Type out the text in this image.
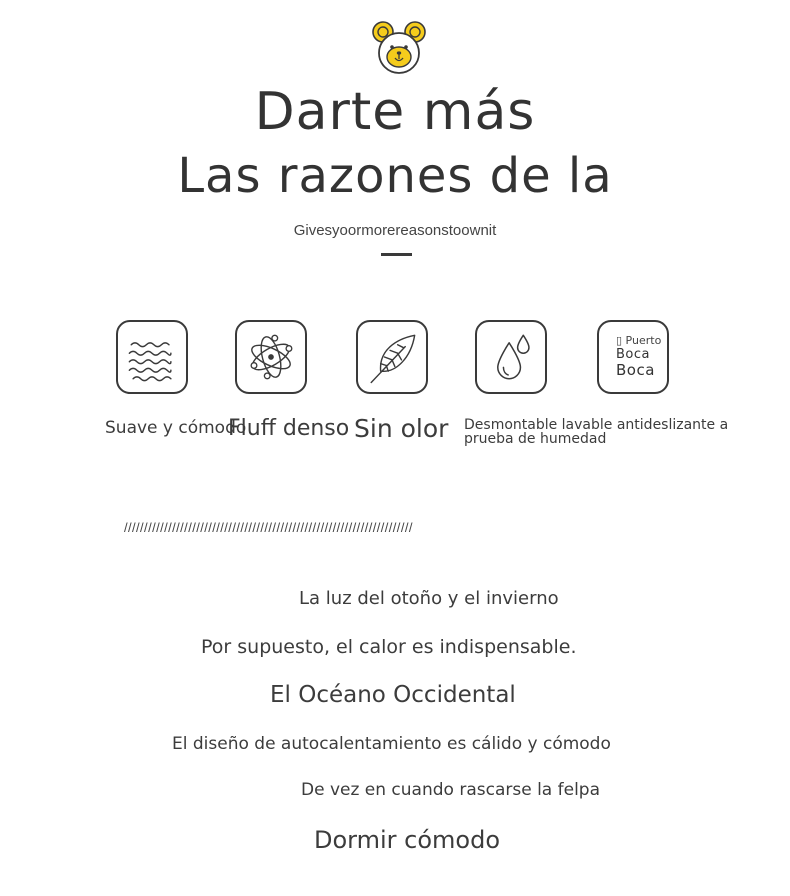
Darte más
Las razones de la
Givesyoormorereasonstoownit
▯ Puerto
Boca
Boca
Suave y cómodo
Fluff denso Sin olor Desmontable lavable antideslizante a prueba de humedad
////////////////////////////////////////////////////////////////////////
La luz del otoño y el invierno
Por supuesto, el calor es indispensable.
El Océano Occidental
El diseño de autocalentamiento es cálido y cómodo
De vez en cuando rascarse la felpa
Dormir cómodo
